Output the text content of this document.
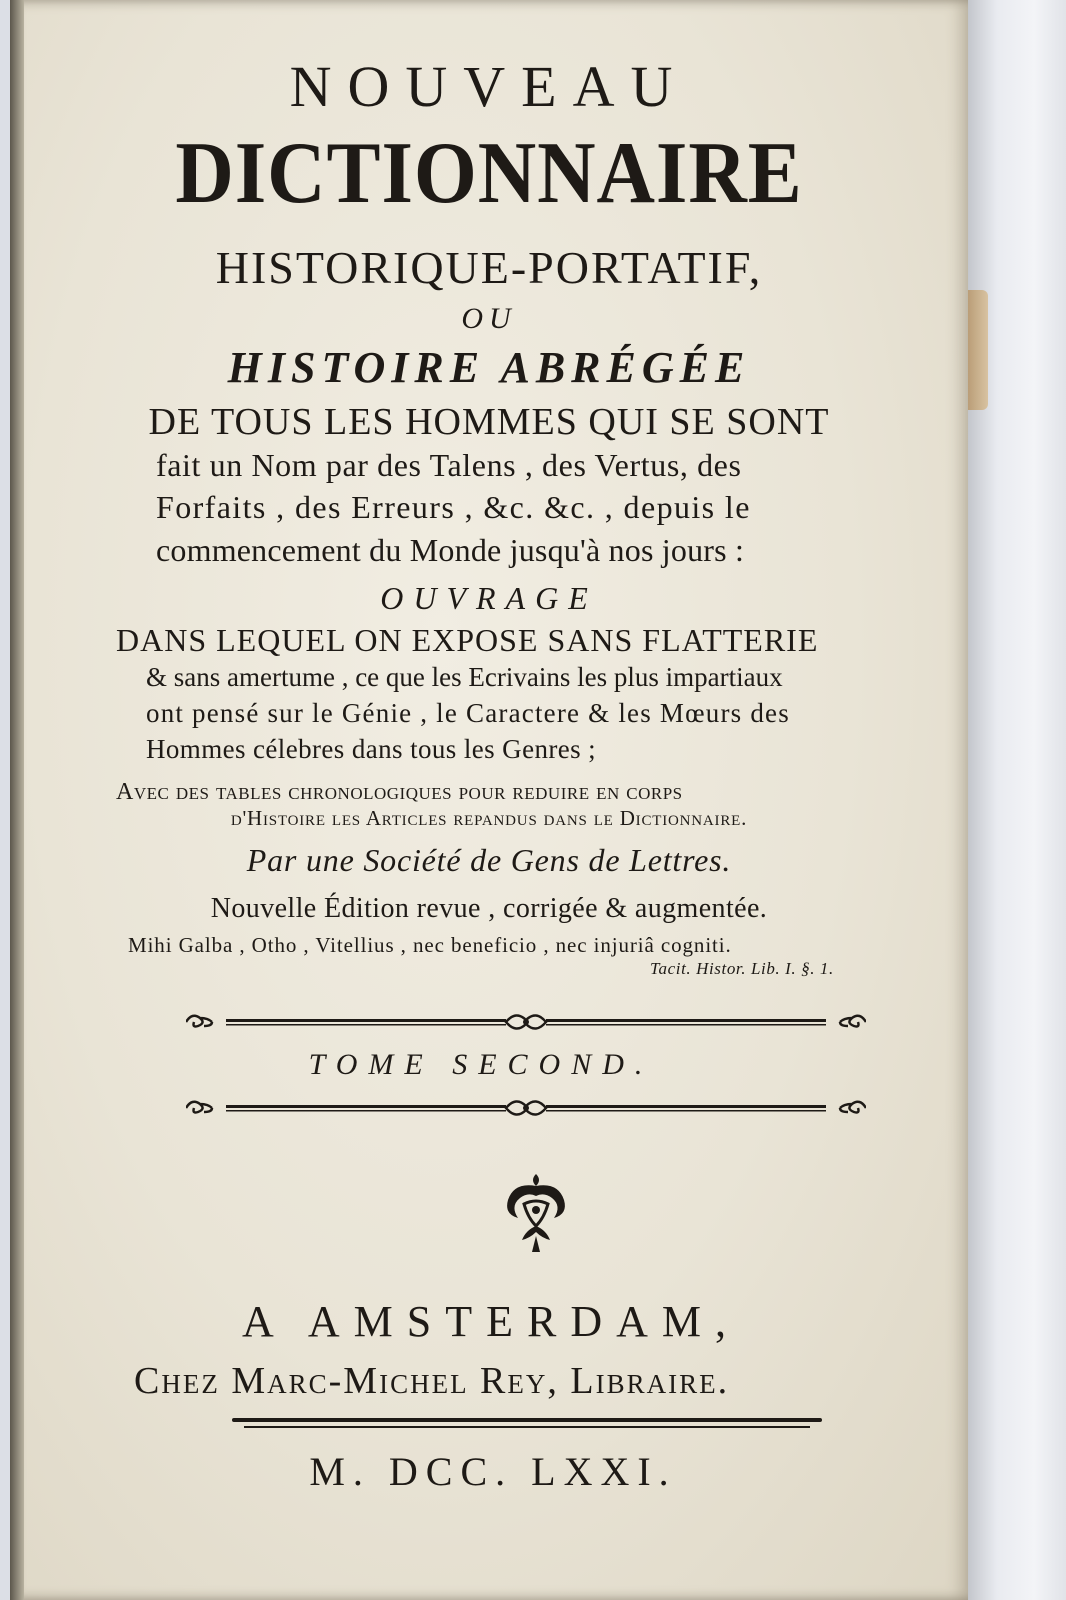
NOUVEAU
DICTIONNAIRE
HISTORIQUE-PORTATIF,
OU
HISTOIRE ABRÉGÉE
DE TOUS LES HOMMES QUI SE SONT
fait un Nom par des Talens , des Vertus, des
Forfaits , des Erreurs , &c. &c. , depuis le
commencement du Monde jusqu'à nos jours :
OUVRAGE
DANS LEQUEL ON EXPOSE SANS FLATTERIE
& sans amertume , ce que les Ecrivains les plus impartiaux
ont pensé sur le Génie , le Caractere & les Mœurs des
Hommes célebres dans tous les Genres ;
Avec des tables chronologiques pour reduire en corps
d'Histoire les Articles repandus dans le Dictionnaire.
Par une Société de Gens de Lettres.
Nouvelle Édition revue , corrigée & augmentée.
Mihi Galba , Otho , Vitellius , nec beneficio , nec injuriâ cogniti.
Tacit. Histor. Lib. I. §. 1.
TOME SECOND.
A AMSTERDAM,
Chez Marc-Michel Rey, Libraire.
M. DCC. LXXI.
